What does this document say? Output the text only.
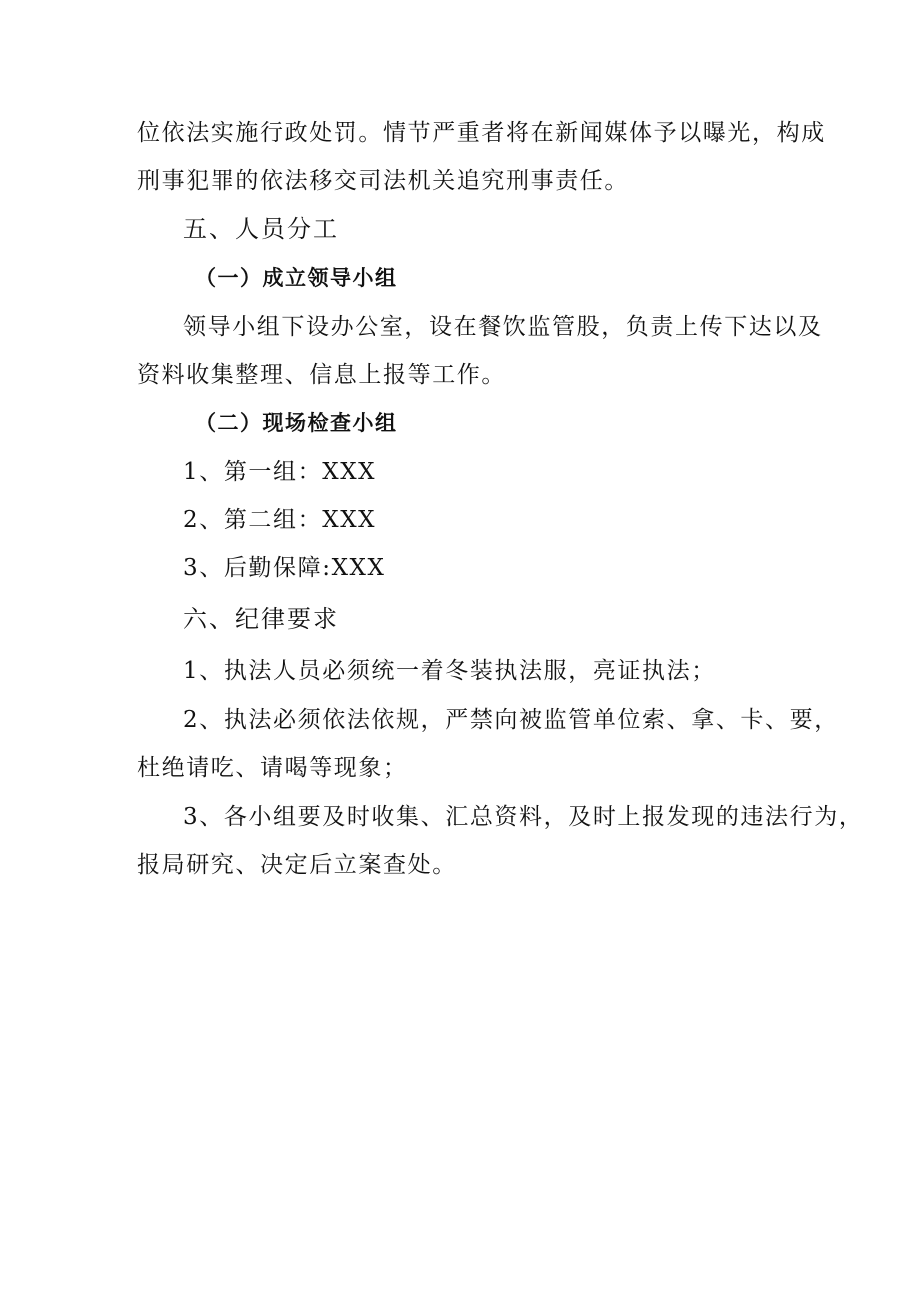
位依法实施行政处罚。情节严重者将在新闻媒体予以曝光，构成
刑事犯罪的依法移交司法机关追究刑事责任。
五、人员分工
（一）成立领导小组
领导小组下设办公室，设在餐饮监管股，负责上传下达以及
资料收集整理、信息上报等工作。
（二）现场检查小组
1、第一组：XXX
2、第二组：XXX
3、后勤保障:XXX
六、纪律要求
1、执法人员必须统一着冬装执法服，亮证执法；
2、执法必须依法依规，严禁向被监管单位索、拿、卡、要，
杜绝请吃、请喝等现象；
3、各小组要及时收集、汇总资料，及时上报发现的违法行为，
报局研究、决定后立案查处。
